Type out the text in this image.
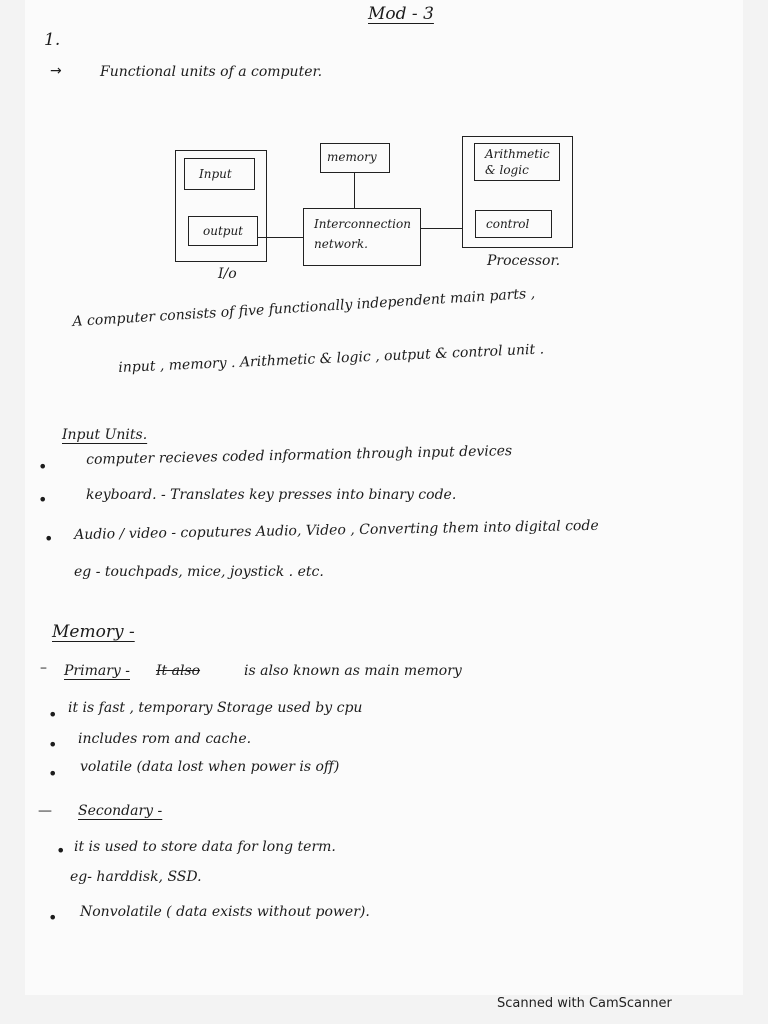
Mod - 3
1.
→	Functional units of a computer.
Input
output
I/o
memory
Interconnection
network.
Arithmetic
& logic
control
Processor.
A computer consists of five functionally independent main parts ,
input , memory . Arithmetic & logic , output & control unit .
Input Units.
•	computer recieves coded information through input devices
•	keyboard. - Translates key presses into binary code.
• Audio / video - coputures Audio, Video , Converting them into digital code
eg - touchpads, mice, joystick . etc.
Memory -
– Primary - It also	is also known as main memory
• it is fast , temporary Storage used by cpu
• includes rom and cache.
• volatile (data lost when power is off)
— Secondary -
• it is used to store data for long term.
eg- harddisk, SSD.
• Nonvolatile ( data exists without power).
Scanned with CamScanner
